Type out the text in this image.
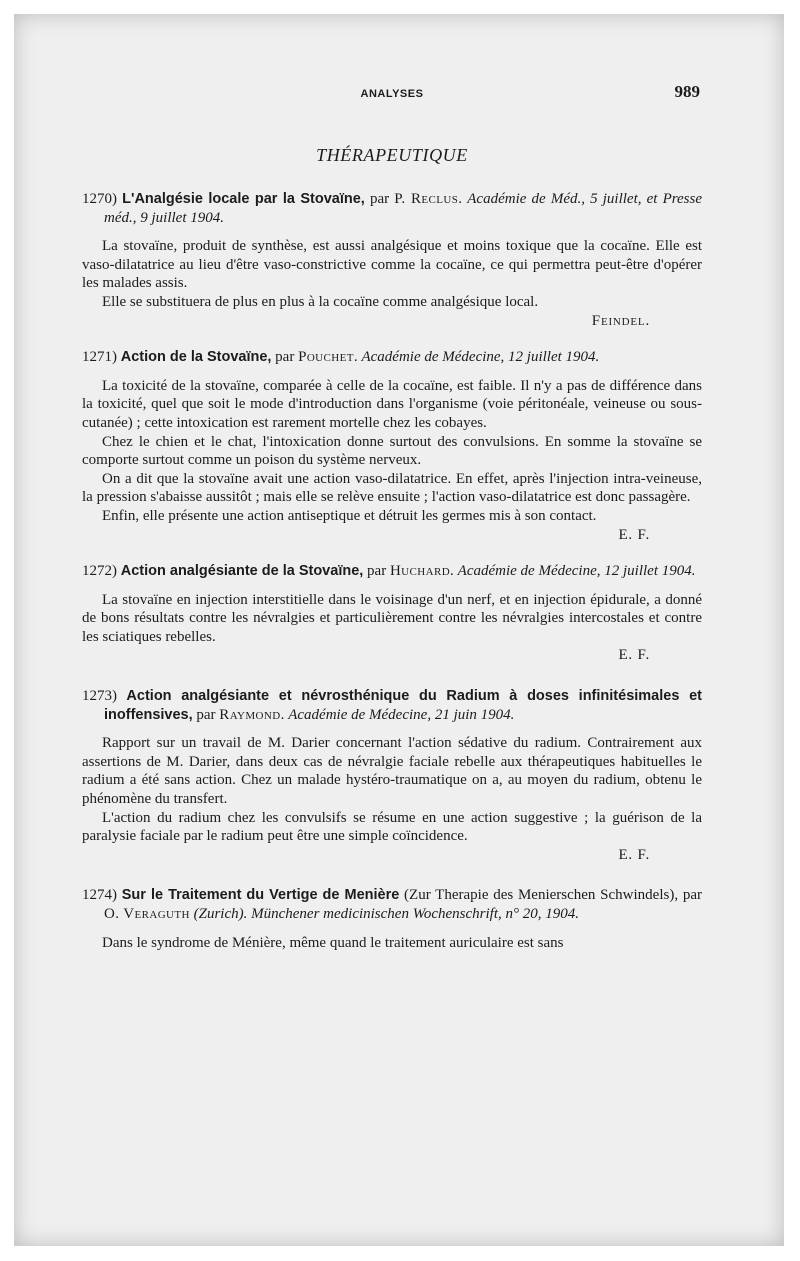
ANALYSES	989
THÉRAPEUTIQUE

1270) L'Analgésie locale par la Stovaïne, par P. Reclus. Académie de Méd., 5 juillet, et Presse méd., 9 juillet 1904.

La stovaïne, produit de synthèse, est aussi analgésique et moins toxique que la cocaïne. Elle est vaso-dilatatrice au lieu d'être vaso-constrictive comme la cocaïne, ce qui permettra peut-être d'opérer les malades assis.

Elle se substituera de plus en plus à la cocaïne comme analgésique local.

Feindel.

1271) Action de la Stovaïne, par Pouchet. Académie de Médecine, 12 juillet 1904.

La toxicité de la stovaïne, comparée à celle de la cocaïne, est faible. Il n'y a pas de différence dans la toxicité, quel que soit le mode d'introduction dans l'organisme (voie péritonéale, veineuse ou sous-cutanée) ; cette intoxication est rarement mortelle chez les cobayes.

Chez le chien et le chat, l'intoxication donne surtout des convulsions. En somme la stovaïne se comporte surtout comme un poison du système nerveux.

On a dit que la stovaïne avait une action vaso-dilatatrice. En effet, après l'injection intra-veineuse, la pression s'abaisse aussitôt ; mais elle se relève ensuite ; l'action vaso-dilatatrice est donc passagère.

Enfin, elle présente une action antiseptique et détruit les germes mis à son contact.

E. F.

1272) Action analgésiante de la Stovaïne, par Huchard. Académie de Médecine, 12 juillet 1904.

La stovaïne en injection interstitielle dans le voisinage d'un nerf, et en injection épidurale, a donné de bons résultats contre les névralgies et particulièrement contre les névralgies intercostales et contre les sciatiques rebelles.

E. F.

1273) Action analgésiante et névrosthénique du Radium à doses infinitésimales et inoffensives, par Raymond. Académie de Médecine, 21 juin 1904.

Rapport sur un travail de M. Darier concernant l'action sédative du radium. Contrairement aux assertions de M. Darier, dans deux cas de névralgie faciale rebelle aux thérapeutiques habituelles le radium a été sans action. Chez un malade hystéro-traumatique on a, au moyen du radium, obtenu le phénomène du transfert.

L'action du radium chez les convulsifs se résume en une action suggestive ; la guérison de la paralysie faciale par le radium peut être une simple coïncidence.

E. F.

1274) Sur le Traitement du Vertige de Menière (Zur Therapie des Menierschen Schwindels), par O. Veraguth (Zurich). Münchener medicinischen Wochenschrift, n° 20, 1904.

Dans le syndrome de Ménière, même quand le traitement auriculaire est sans
